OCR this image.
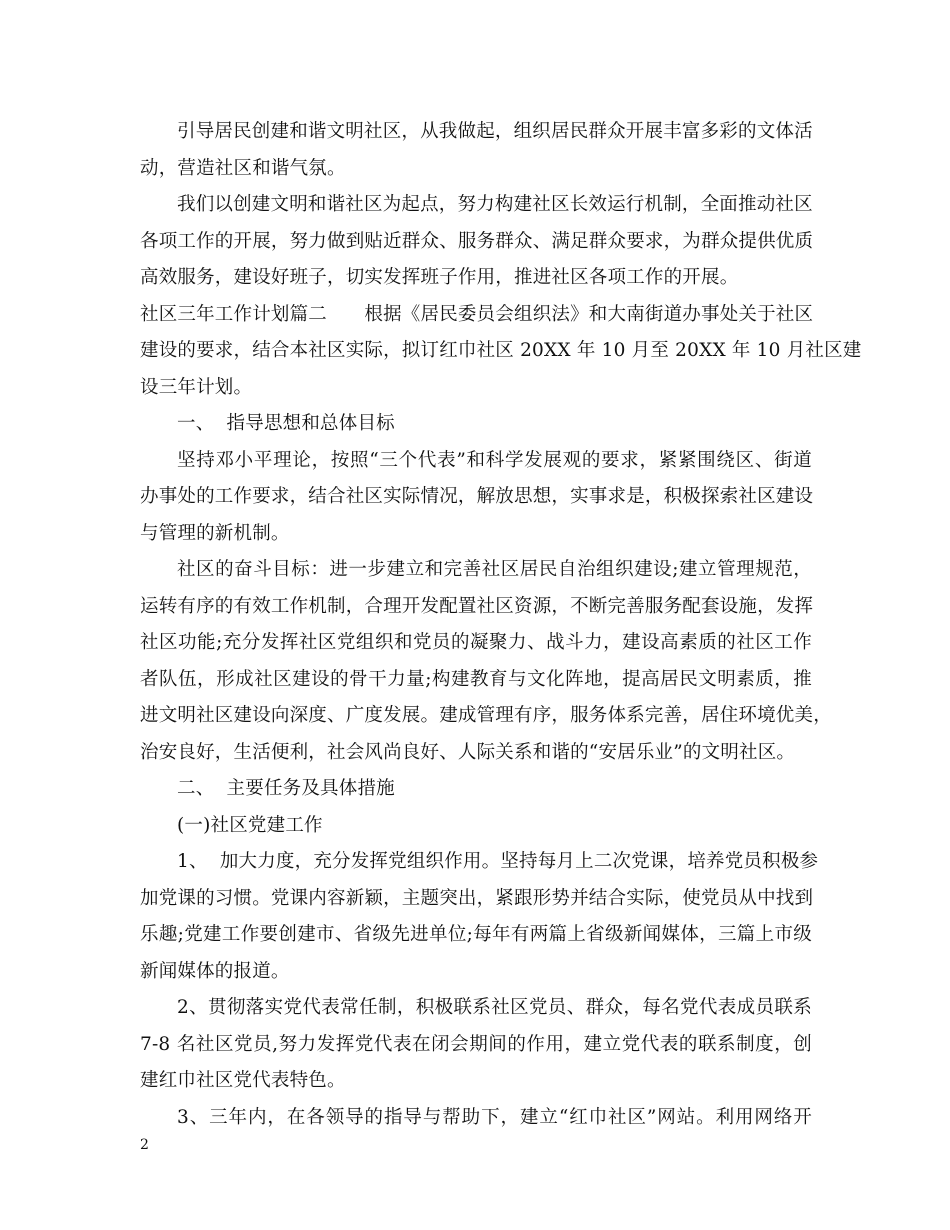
引导居民创建和谐文明社区，从我做起，组织居民群众开展丰富多彩的文体活
动，营造社区和谐气氛。
我们以创建文明和谐社区为起点，努力构建社区长效运行机制，全面推动社区
各项工作的开展，努力做到贴近群众、服务群众、满足群众要求，为群众提供优质
高效服务，建设好班子，切实发挥班子作用，推进社区各项工作的开展。
社区三年工作计划篇二　　根据《居民委员会组织法》和大南街道办事处关于社区
建设的要求，结合本社区实际，拟订红巾社区 20XX 年 10 月至 20XX 年 10 月社区建
设三年计划。
一、  指导思想和总体目标
坚持邓小平理论，按照“三个代表”和科学发展观的要求，紧紧围绕区、街道
办事处的工作要求，结合社区实际情况，解放思想，实事求是，积极探索社区建设
与管理的新机制。
社区的奋斗目标：进一步建立和完善社区居民自治组织建设;建立管理规范，
运转有序的有效工作机制，合理开发配置社区资源，不断完善服务配套设施，发挥
社区功能;充分发挥社区党组织和党员的凝聚力、战斗力，建设高素质的社区工作
者队伍，形成社区建设的骨干力量;构建教育与文化阵地，提高居民文明素质，推
进文明社区建设向深度、广度发展。建成管理有序，服务体系完善，居住环境优美，
治安良好，生活便利，社会风尚良好、人际关系和谐的“安居乐业”的文明社区。
二、  主要任务及具体措施
(一)社区党建工作
1、  加大力度，充分发挥党组织作用。坚持每月上二次党课，培养党员积极参
加党课的习惯。党课内容新颖，主题突出，紧跟形势并结合实际，使党员从中找到
乐趣;党建工作要创建市、省级先进单位;每年有两篇上省级新闻媒体，三篇上市级
新闻媒体的报道。
2、贯彻落实党代表常任制，积极联系社区党员、群众，每名党代表成员联系
7-8 名社区党员,努力发挥党代表在闭会期间的作用，建立党代表的联系制度，创
建红巾社区党代表特色。
3、三年内，在各领导的指导与帮助下，建立“红巾社区”网站。利用网络开
2
